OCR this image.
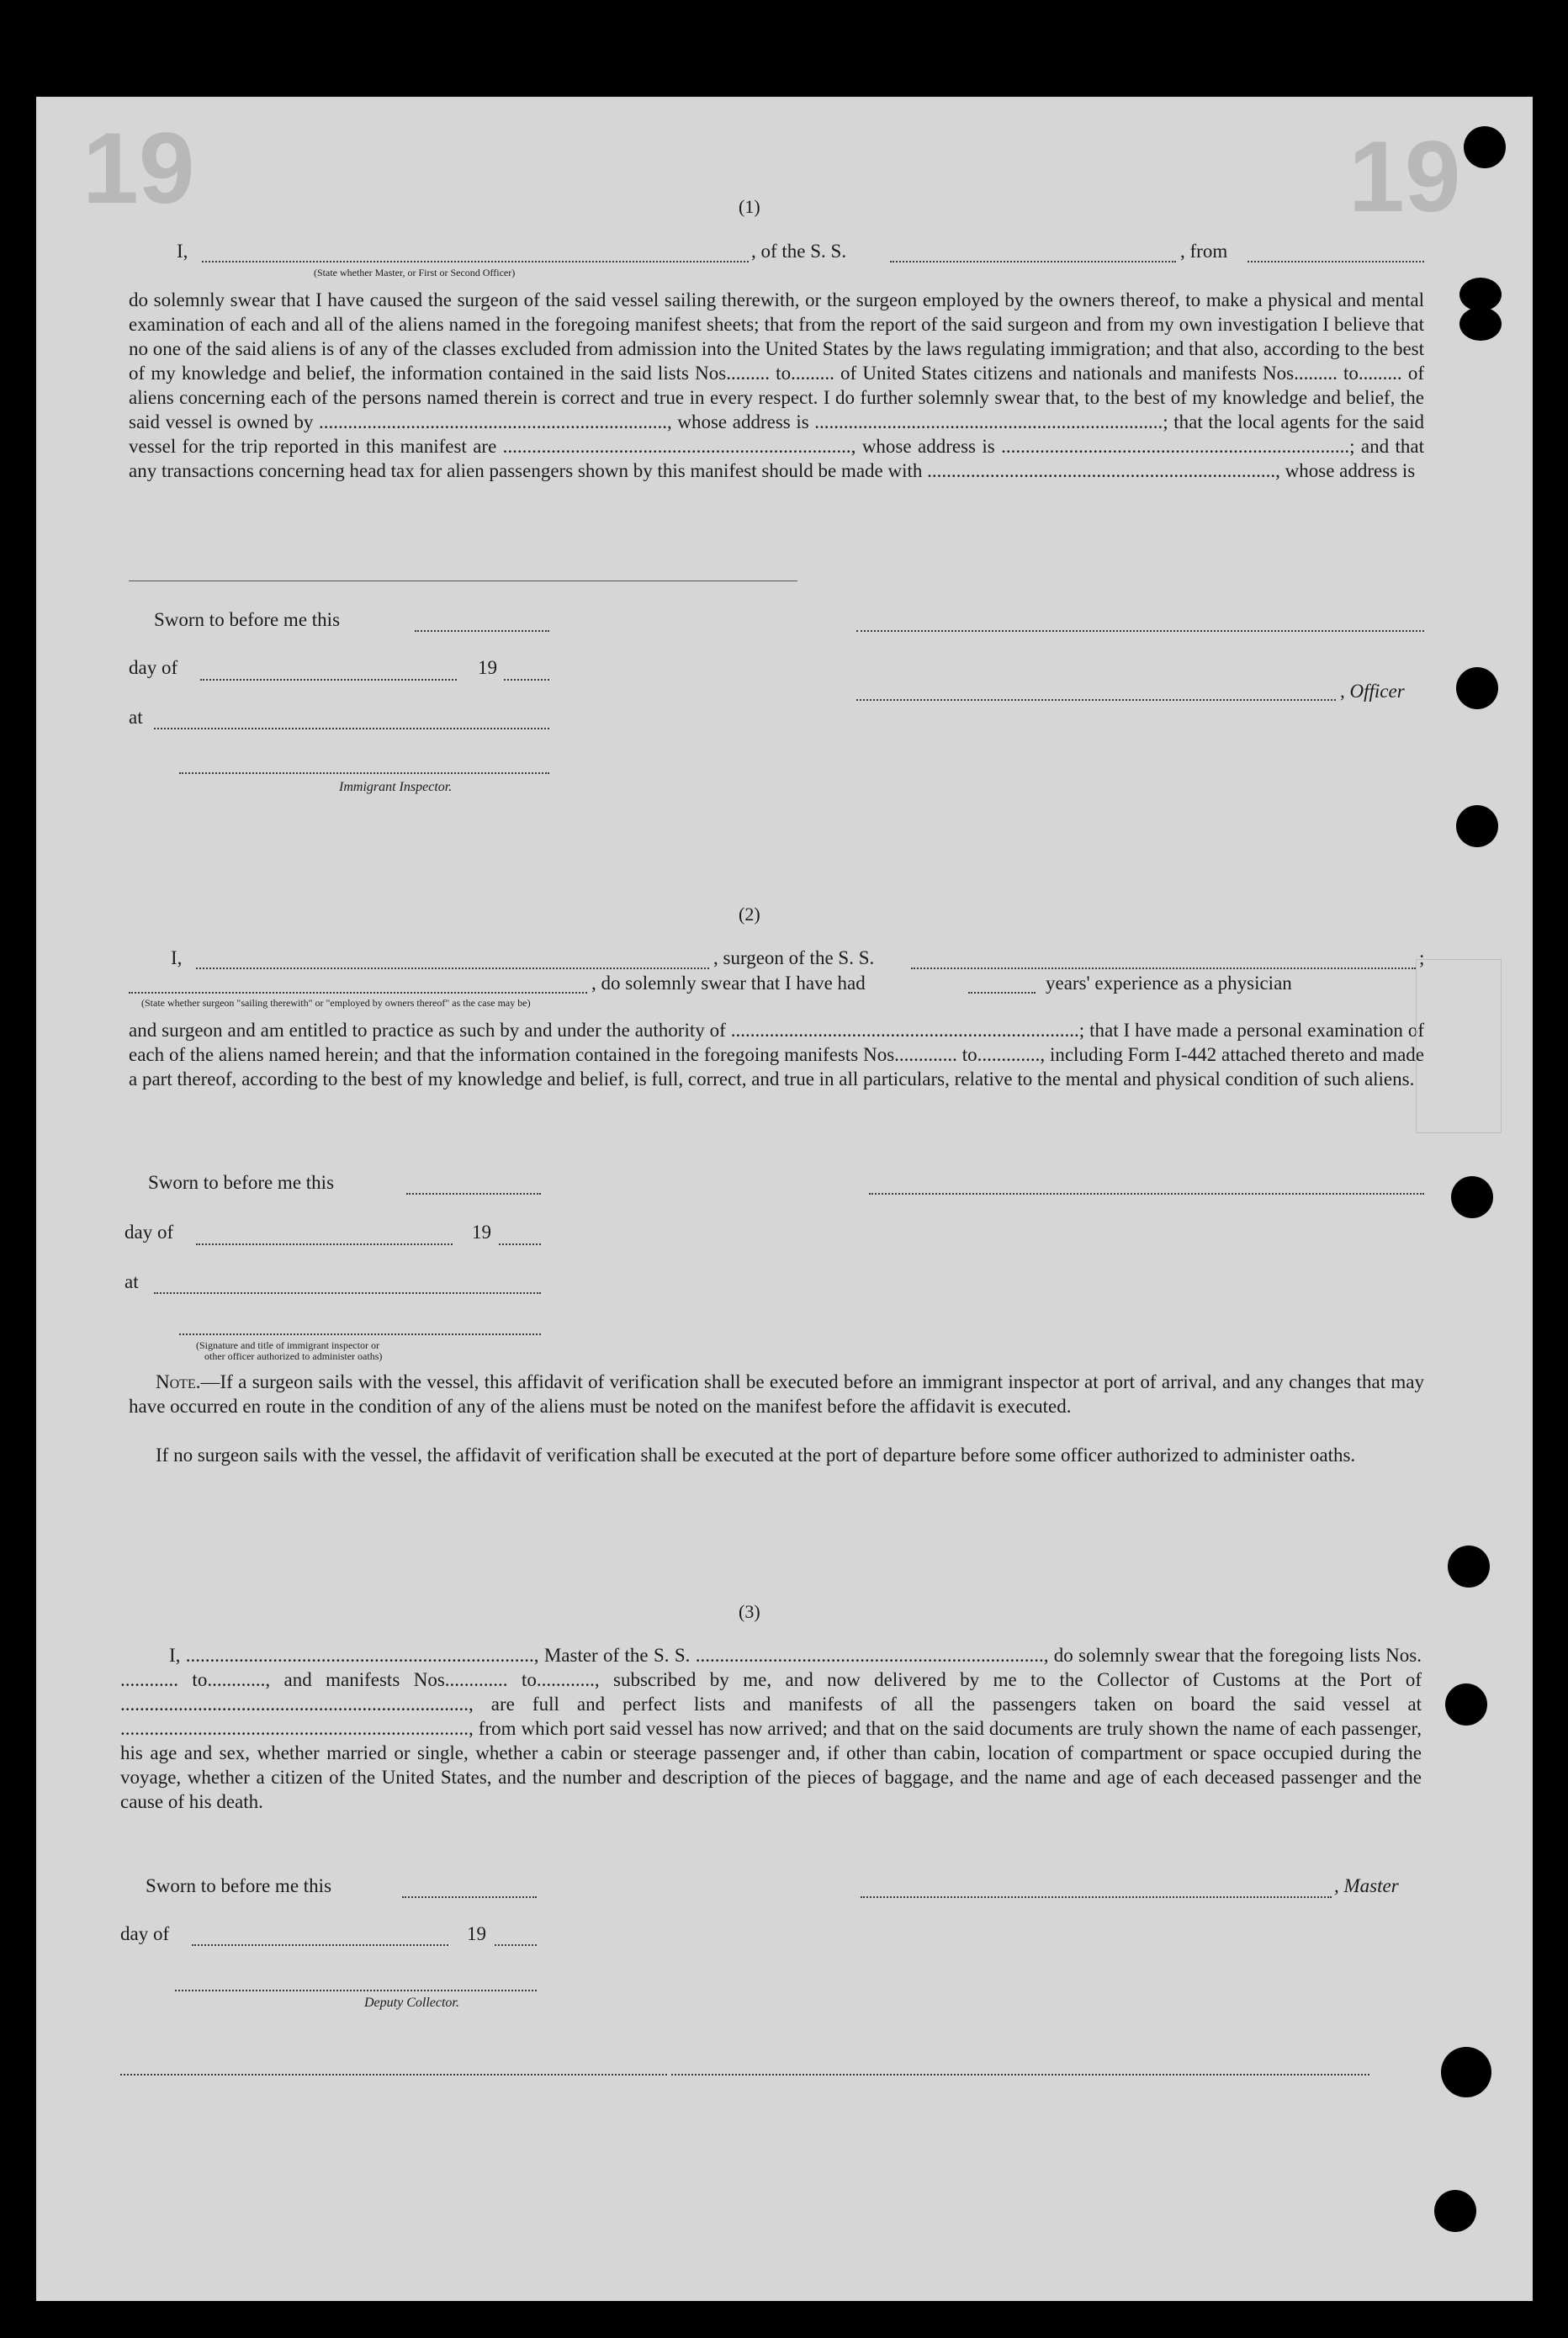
19	19
(1)
I,	, of the S. S.	, from
(State whether Master, or First or Second Officer)
do solemnly swear that I have caused the surgeon of the said vessel sailing therewith, or the surgeon employed by the owners thereof, to make a physical and mental examination of each and all of the aliens named in the foregoing manifest sheets; that from the report of the said surgeon and from my own investigation I believe that no one of the said aliens is of any of the classes excluded from admission into the United States by the laws regulating immigration; and that also, according to the best of my knowledge and belief, the information contained in the said lists Nos......... to......... of United States citizens and nationals and manifests Nos......... to......... of aliens concerning each of the persons named therein is correct and true in every respect. I do further solemnly swear that, to the best of my knowledge and belief, the said vessel is owned by ........................................................................, whose address is ........................................................................; that the local agents for the said vessel for the trip reported in this manifest are ........................................................................, whose address is ........................................................................; and that any transactions concerning head tax for alien passengers shown by this manifest should be made with ........................................................................, whose address is
Sworn to before me this
day of	19
, Officer
at
Immigrant Inspector.
(2)
I,	, surgeon of the S. S.	;
, do solemnly swear that I have had	years' experience as a physician
(State whether surgeon "sailing therewith" or "employed by owners thereof" as the case may be)
and surgeon and am entitled to practice as such by and under the authority of ........................................................................; that I have made a personal examination of each of the aliens named herein; and that the information contained in the foregoing manifests Nos............. to............., including Form I-442 attached thereto and made a part thereof, according to the best of my knowledge and belief, is full, correct, and true in all particulars, relative to the mental and physical condition of such aliens.
Sworn to before me this
day of	19
at
(Signature and title of immigrant inspector or
other officer authorized to administer oaths)
Note.—If a surgeon sails with the vessel, this affidavit of verification shall be executed before an immigrant inspector at port of arrival, and any changes that may have occurred en route in the condition of any of the aliens must be noted on the manifest before the affidavit is executed.
If no surgeon sails with the vessel, the affidavit of verification shall be executed at the port of departure before some officer authorized to administer oaths.
(3)
I, ........................................................................, Master of the S. S. ........................................................................, do solemnly swear that the foregoing lists Nos. ............ to............, and manifests Nos............. to............, subscribed by me, and now delivered by me to the Collector of Customs at the Port of ........................................................................, are full and perfect lists and manifests of all the passengers taken on board the said vessel at ........................................................................, from which port said vessel has now arrived; and that on the said documents are truly shown the name of each passenger, his age and sex, whether married or single, whether a cabin or steerage passenger and, if other than cabin, location of compartment or space occupied during the voyage, whether a citizen of the United States, and the number and description of the pieces of baggage, and the name and age of each deceased passenger and the cause of his death.
Sworn to before me this	, Master
day of	19
Deputy Collector.
